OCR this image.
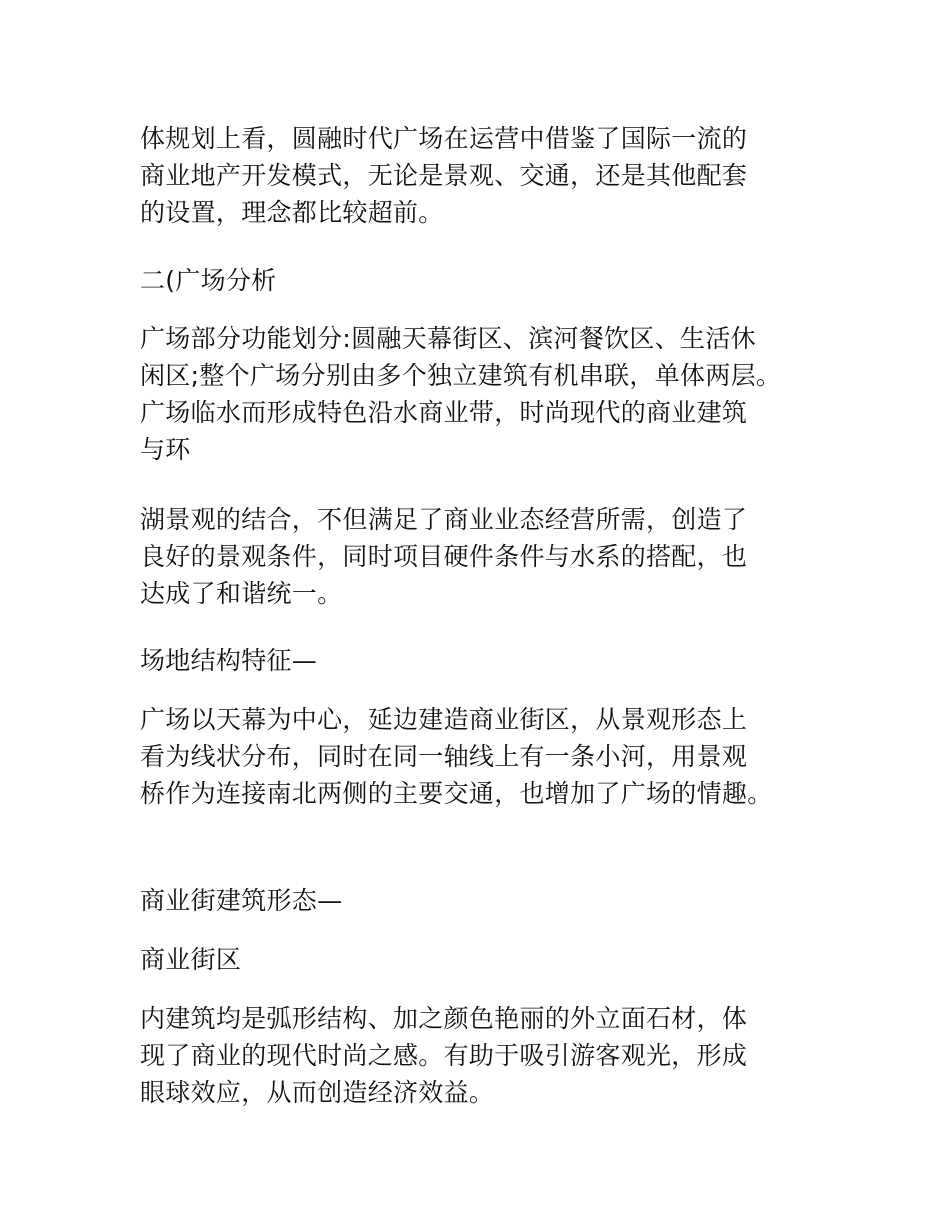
体规划上看，圆融时代广场在运营中借鉴了国际一流的
商业地产开发模式，无论是景观、交通，还是其他配套
的设置，理念都比较超前。
二(广场分析
广场部分功能划分:圆融天幕街区、滨河餐饮区、生活休
闲区;整个广场分别由多个独立建筑有机串联，单体两层。
广场临水而形成特色沿水商业带，时尚现代的商业建筑
与环
湖景观的结合，不但满足了商业业态经营所需，创造了
良好的景观条件，同时项目硬件条件与水系的搭配，也
达成了和谐统一。
场地结构特征—
广场以天幕为中心，延边建造商业街区，从景观形态上
看为线状分布，同时在同一轴线上有一条小河，用景观
桥作为连接南北两侧的主要交通，也增加了广场的情趣。
商业街建筑形态—
商业街区
内建筑均是弧形结构、加之颜色艳丽的外立面石材，体
现了商业的现代时尚之感。有助于吸引游客观光，形成
眼球效应，从而创造经济效益。
